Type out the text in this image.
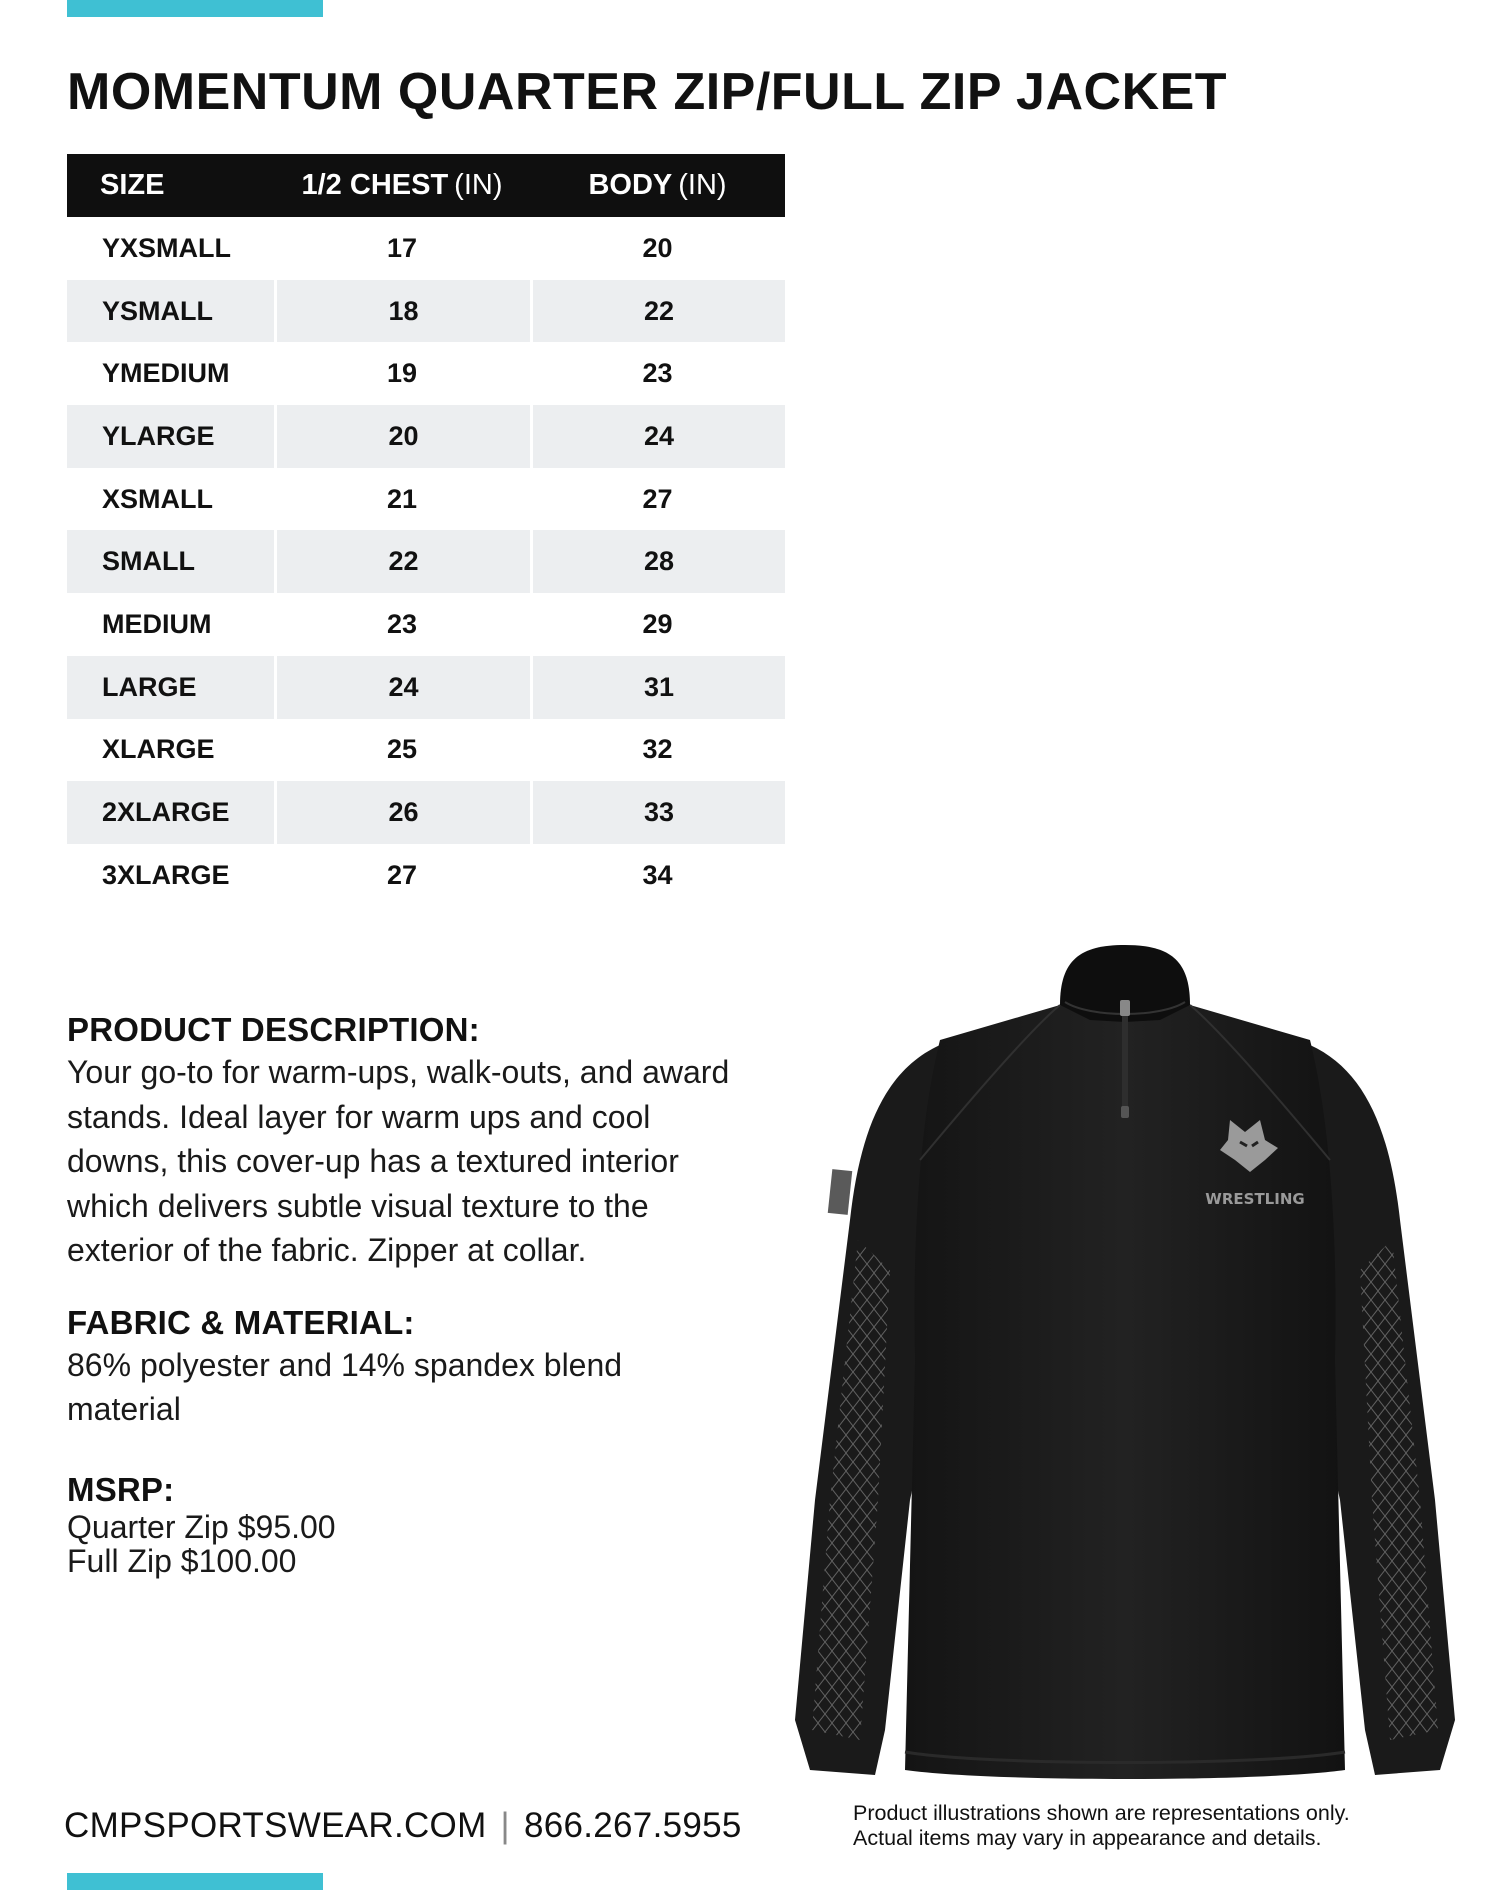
MOMENTUM QUARTER ZIP/FULL ZIP JACKET
SIZE	1/2 CHEST (IN)	BODY (IN)
YXSMALL	17	20
YSMALL	18	22
YMEDIUM	19	23
YLARGE	20	24
XSMALL	21	27
SMALL	22	28
MEDIUM	23	29
LARGE	24	31
XLARGE	25	32
2XLARGE	26	33
3XLARGE	27	34
PRODUCT DESCRIPTION:
Your go-to for warm-ups, walk-outs, and award
stands. Ideal layer for warm ups and cool
downs, this cover-up has a textured interior
which delivers subtle visual texture to the
exterior of the fabric. Zipper at collar.
FABRIC & MATERIAL:
86% polyester and 14% spandex blend
material
MSRP:
Quarter Zip $95.00
Full Zip $100.00
WRESTLING
CMPSPORTSWEAR.COM | 866.267.5955	Product illustrations shown are representations only.
Actual items may vary in appearance and details.
